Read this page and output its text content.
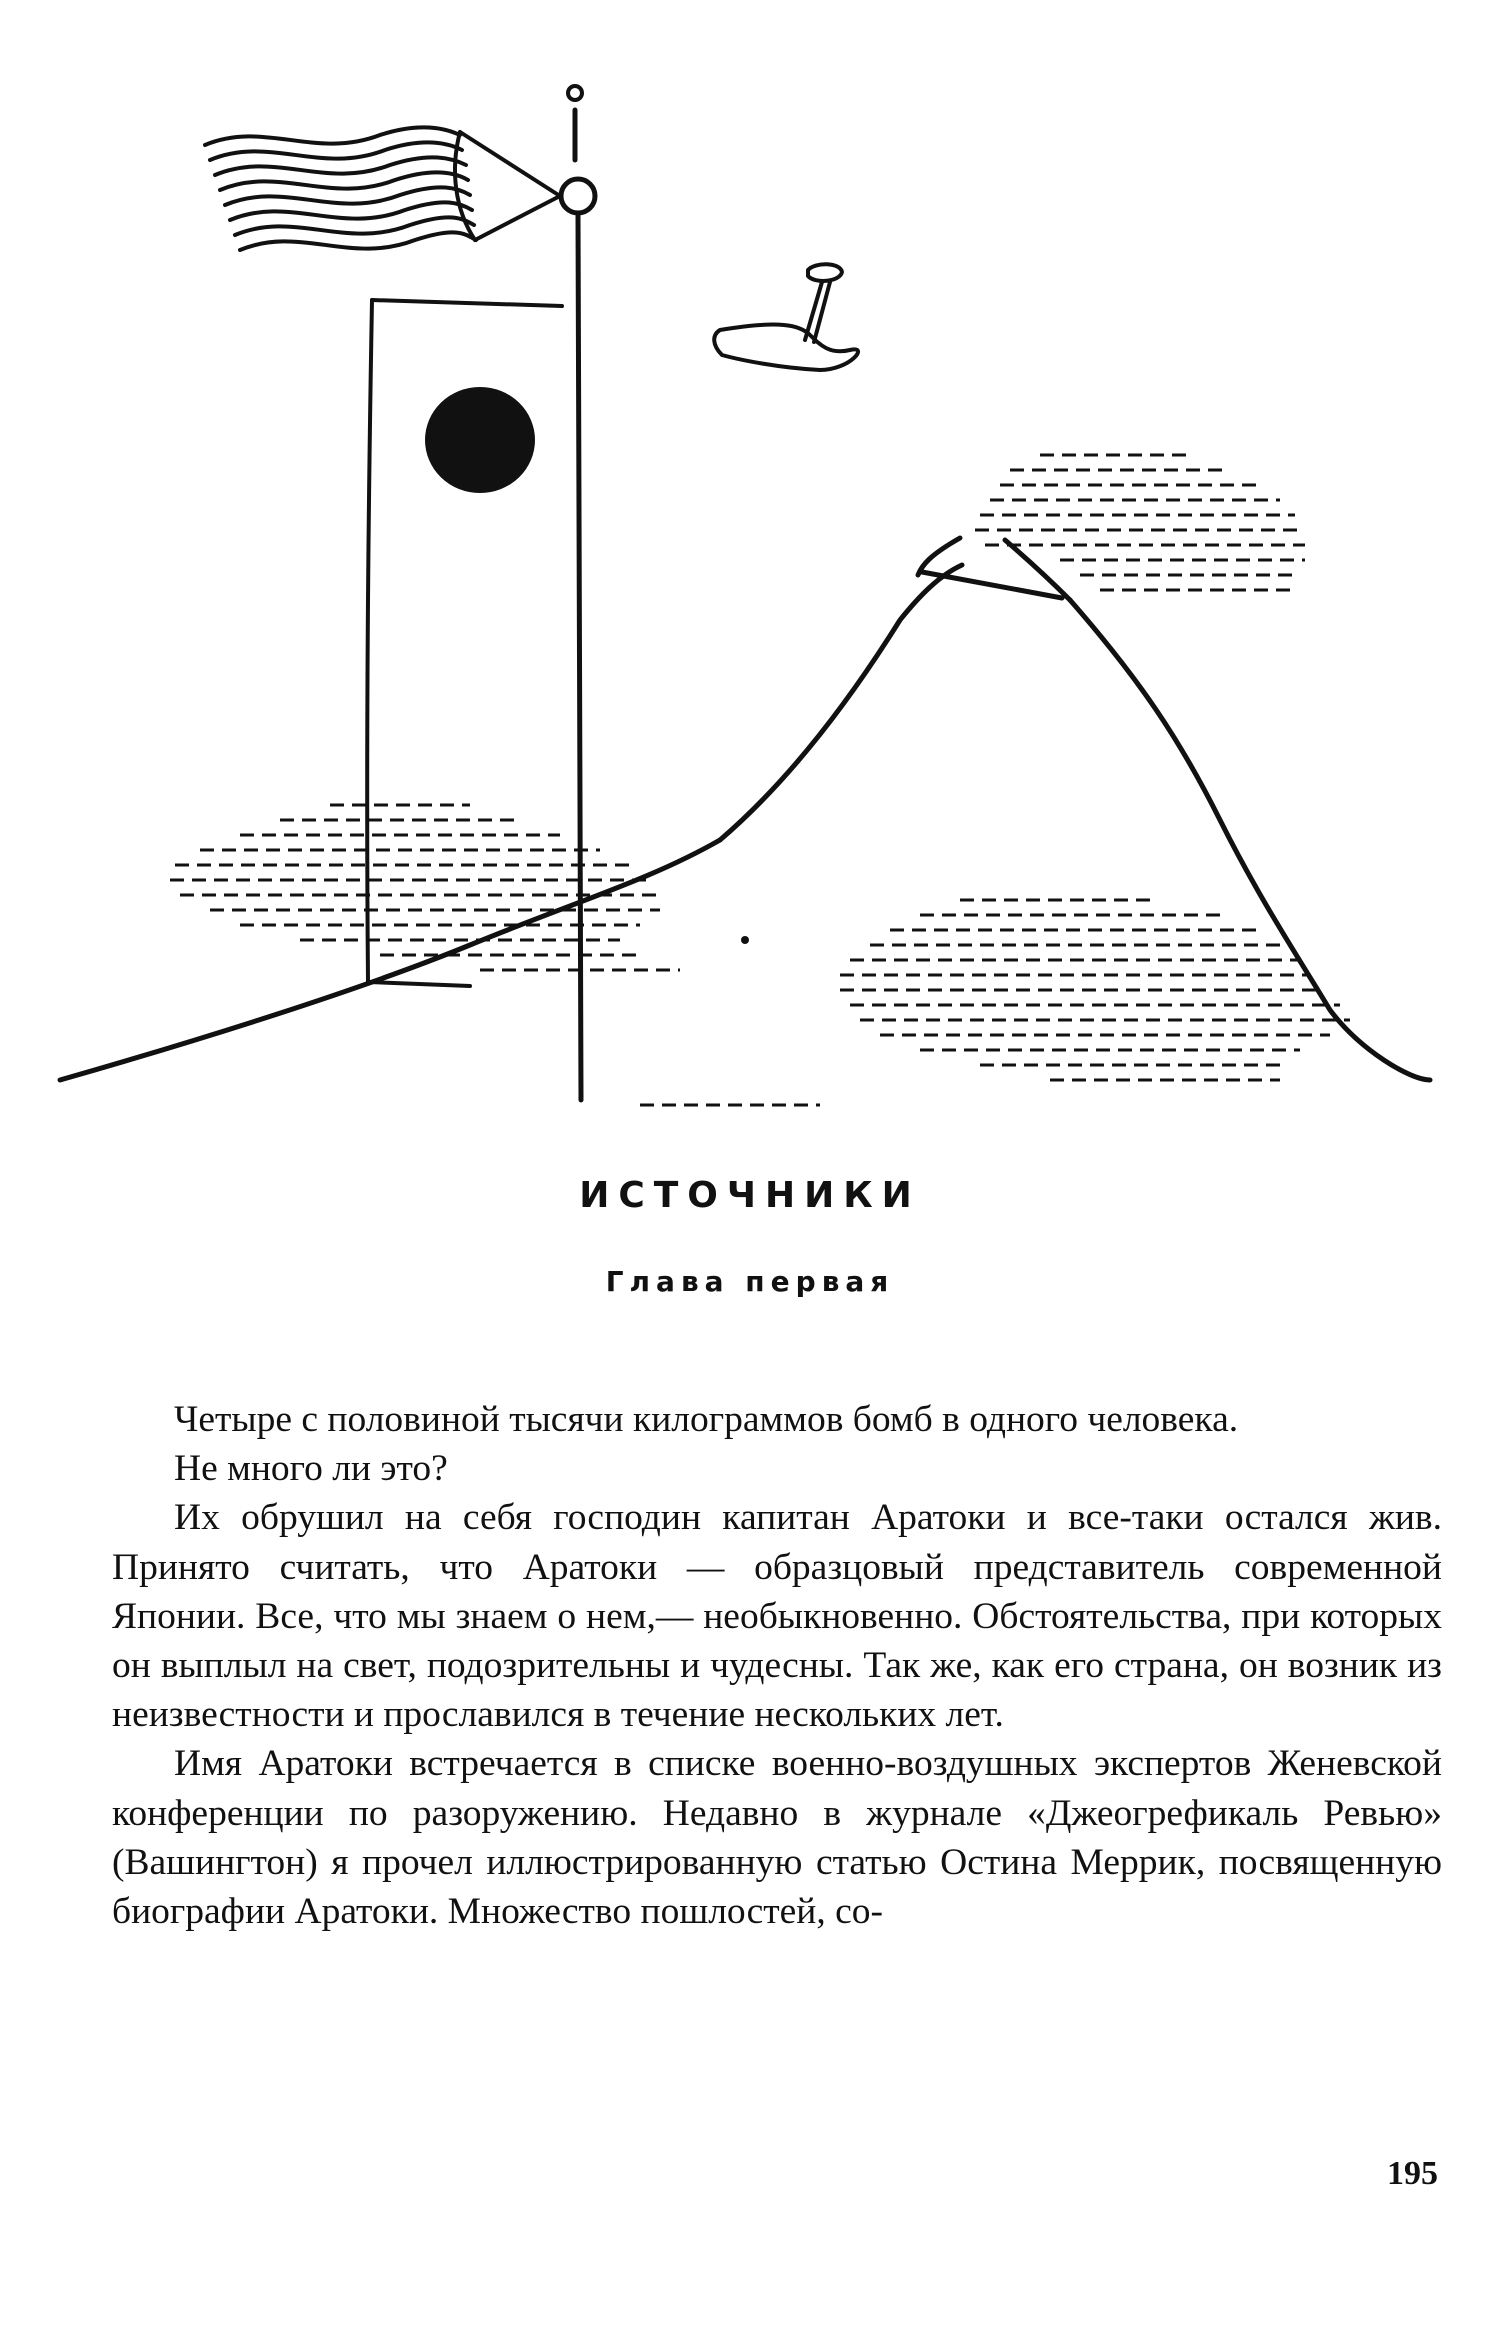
ИСТОЧНИКИ
Глава первая

Четыре с половиной тысячи килограммов бомб в одного человека.

Не много ли это?

Их обрушил на себя господин капитан Аратоки и все-таки остался жив. Принято считать, что Аратоки — образцовый представитель современной Японии. Все, что мы знаем о нем,— необыкновенно. Обстоятельства, при которых он выплыл на свет, подозрительны и чудесны. Так же, как его страна, он возник из неизвестности и прославился в течение нескольких лет.

Имя Аратоки встречается в списке военно-воздушных экспертов Женевской конференции по разоружению. Недавно в журнале «Джеогрефикаль Ревью» (Вашингтон) я прочел иллюстрированную статью Остина Меррик, посвященную биографии Аратоки. Множество пошлостей, со-

195
